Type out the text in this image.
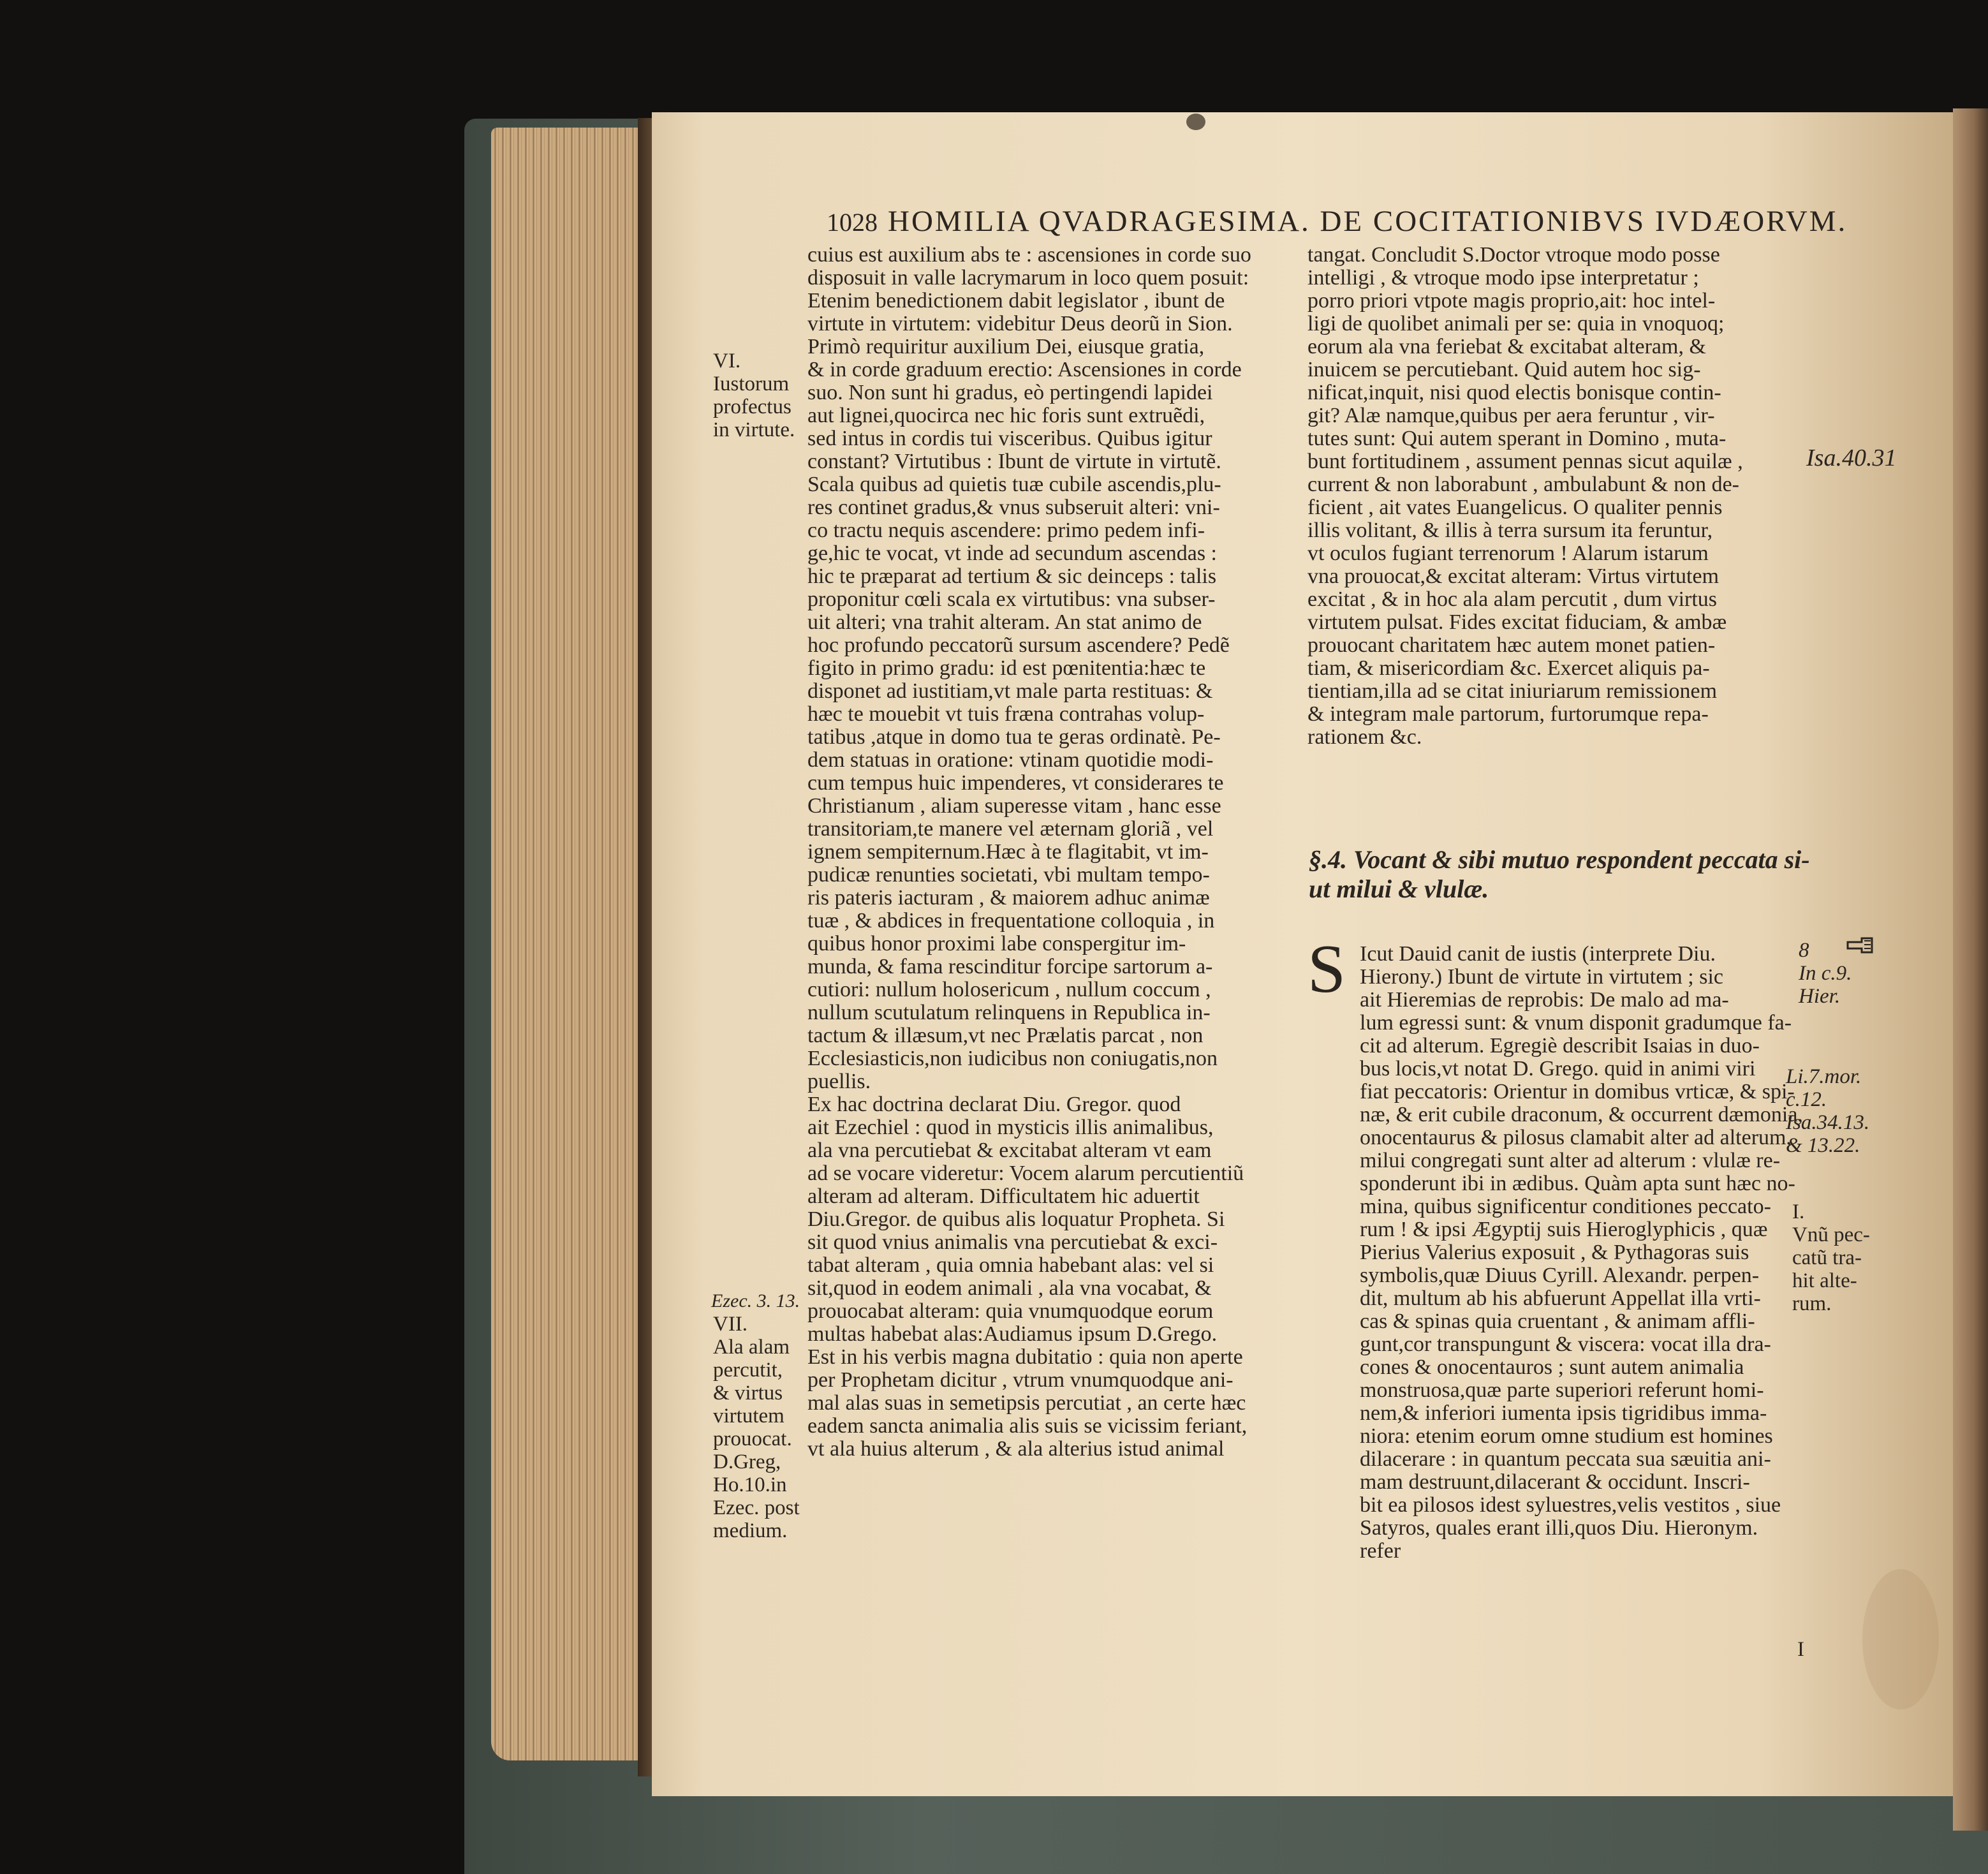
1028 HOMILIA QVADRAGESIMA. DE COCITATIONIBVS IVDÆORVM.

cuius est auxilium abs te : ascensiones in corde suo

disposuit in valle lacrymarum in loco quem posuit:

Etenim benedictionem dabit legislator , ibunt de

virtute in virtutem: videbitur Deus deorũ in Sion.

Primò requiritur auxilium Dei, eiusque gratia,

& in corde graduum erectio: Ascensiones in corde

suo. Non sunt hi gradus, eò pertingendi lapidei

aut lignei,quocirca nec hic foris sunt extruẽdi,

sed intus in cordis tui visceribus. Quibus igitur

constant? Virtutibus : Ibunt de virtute in virtutẽ.

Scala quibus ad quietis tuæ cubile ascendis,plu-

res continet gradus,& vnus subseruit alteri: vni-

co tractu nequis ascendere: primo pedem infi-

ge,hic te vocat, vt inde ad secundum ascendas :

hic te præparat ad tertium & sic deinceps : talis

proponitur cœli scala ex virtutibus: vna subser-

uit alteri; vna trahit alteram. An stat animo de

hoc profundo peccatorũ sursum ascendere? Pedẽ

figito in primo gradu: id est pœnitentia:hæc te

disponet ad iustitiam,vt male parta restituas: &

hæc te mouebit vt tuis fræna contrahas volup-

tatibus ,atque in domo tua te geras ordinatè. Pe-

dem statuas in oratione: vtinam quotidie modi-

cum tempus huic impenderes, vt considerares te

Christianum , aliam superesse vitam , hanc esse

transitoriam,te manere vel æternam gloriã , vel

ignem sempiternum.Hæc à te flagitabit, vt im-

pudicæ renunties societati, vbi multam tempo-

ris pateris iacturam , & maiorem adhuc animæ

tuæ , & abdices in frequentatione colloquia , in

quibus honor proximi labe conspergitur im-

munda, & fama rescinditur forcipe sartorum a-

cutiori: nullum holosericum , nullum coccum ,

nullum scutulatum relinquens in Republica in-

tactum & illæsum,vt nec Prælatis parcat , non

Ecclesiasticis,non iudicibus non coniugatis,non

puellis.

Ex hac doctrina declarat Diu. Gregor. quod

ait Ezechiel : quod in mysticis illis animalibus,

ala vna percutiebat & excitabat alteram vt eam

ad se vocare videretur: Vocem alarum percutientiũ

alteram ad alteram. Difficultatem hic aduertit

Diu.Gregor. de quibus alis loquatur Propheta. Si

sit quod vnius animalis vna percutiebat & exci-

tabat alteram , quia omnia habebant alas: vel si

sit,quod in eodem animali , ala vna vocabat, &

prouocabat alteram: quia vnumquodque eorum

multas habebat alas:Audiamus ipsum D.Grego.

Est in his verbis magna dubitatio : quia non aperte

per Prophetam dicitur , vtrum vnumquodque ani-

mal alas suas in semetipsis percutiat , an certe hæc

eadem sancta animalia alis suis se vicissim feriant,

vt ala huius alterum , & ala alterius istud animal

tangat. Concludit S.Doctor vtroque modo posse

intelligi , & vtroque modo ipse interpretatur ;

porro priori vtpote magis proprio,ait: hoc intel-

ligi de quolibet animali per se: quia in vnoquoq;

eorum ala vna feriebat & excitabat alteram, &

inuicem se percutiebant. Quid autem hoc sig-

nificat,inquit, nisi quod electis bonisque contin-

git? Alæ namque,quibus per aera feruntur , vir-

tutes sunt: Qui autem sperant in Domino , muta-

bunt fortitudinem , assument pennas sicut aquilæ ,

current & non laborabunt , ambulabunt & non de-

ficient , ait vates Euangelicus. O qualiter pennis

illis volitant, & illis à terra sursum ita feruntur,

vt oculos fugiant terrenorum ! Alarum istarum

vna prouocat,& excitat alteram: Virtus virtutem

excitat , & in hoc ala alam percutit , dum virtus

virtutem pulsat. Fides excitat fiduciam, & ambæ

prouocant charitatem hæc autem monet patien-

tiam, & misericordiam &c. Exercet aliquis pa-

tientiam,illa ad se citat iniuriarum remissionem

& integram male partorum, furtorumque repa-

rationem &c.

§.4. Vocant & sibi mutuo respondent peccata si-

ut milui & vlulæ.

S Icut Dauid canit de iustis (interprete Diu.

Hierony.) Ibunt de virtute in virtutem ; sic

ait Hieremias de reprobis: De malo ad ma-

lum egressi sunt: & vnum disponit gradumque fa-

cit ad alterum. Egregiè describit Isaias in duo-

bus locis,vt notat D. Grego. quid in animi viri

fiat peccatoris: Orientur in domibus vrticæ, & spi-

næ, & erit cubile draconum, & occurrent dæmonia,

onocentaurus & pilosus clamabit alter ad alterum,

milui congregati sunt alter ad alterum : vlulæ re-

sponderunt ibi in ædibus. Quàm apta sunt hæc no-

mina, quibus significentur conditiones peccato-

rum ! & ipsi Ægyptij suis Hieroglyphicis , quæ

Pierius Valerius exposuit , & Pythagoras suis

symbolis,quæ Diuus Cyrill. Alexandr. perpen-

dit, multum ab his abfuerunt Appellat illa vrti-

cas & spinas quia cruentant , & animam affli-

gunt,cor transpungunt & viscera: vocat illa dra-

cones & onocentauros ; sunt autem animalia

monstruosa,quæ parte superiori referunt homi-

nem,& inferiori iumenta ipsis tigridibus imma-

niora: etenim eorum omne studium est homines

dilacerare : in quantum peccata sua sæuitia ani-

mam destruunt,dilacerant & occidunt. Inscri-

bit ea pilosos idest syluestres,velis vestitos , siue

Satyros, quales erant illi,quos Diu. Hieronym.

refer

VI.

Iustorum

profectus

in virtute.

Ezec. 3. 13.

VII.

Ala alam

percutit,

& virtus

virtutem

prouocat.

D.Greg,

Ho.10.in

Ezec. post

medium.

Isa.40.31

8

In c.9.

Hier.

Li.7.mor.

c.12.

Isa.34.13.

& 13.22.

I.

Vnũ pec-

catũ tra-

hit alte-

rum.

I
